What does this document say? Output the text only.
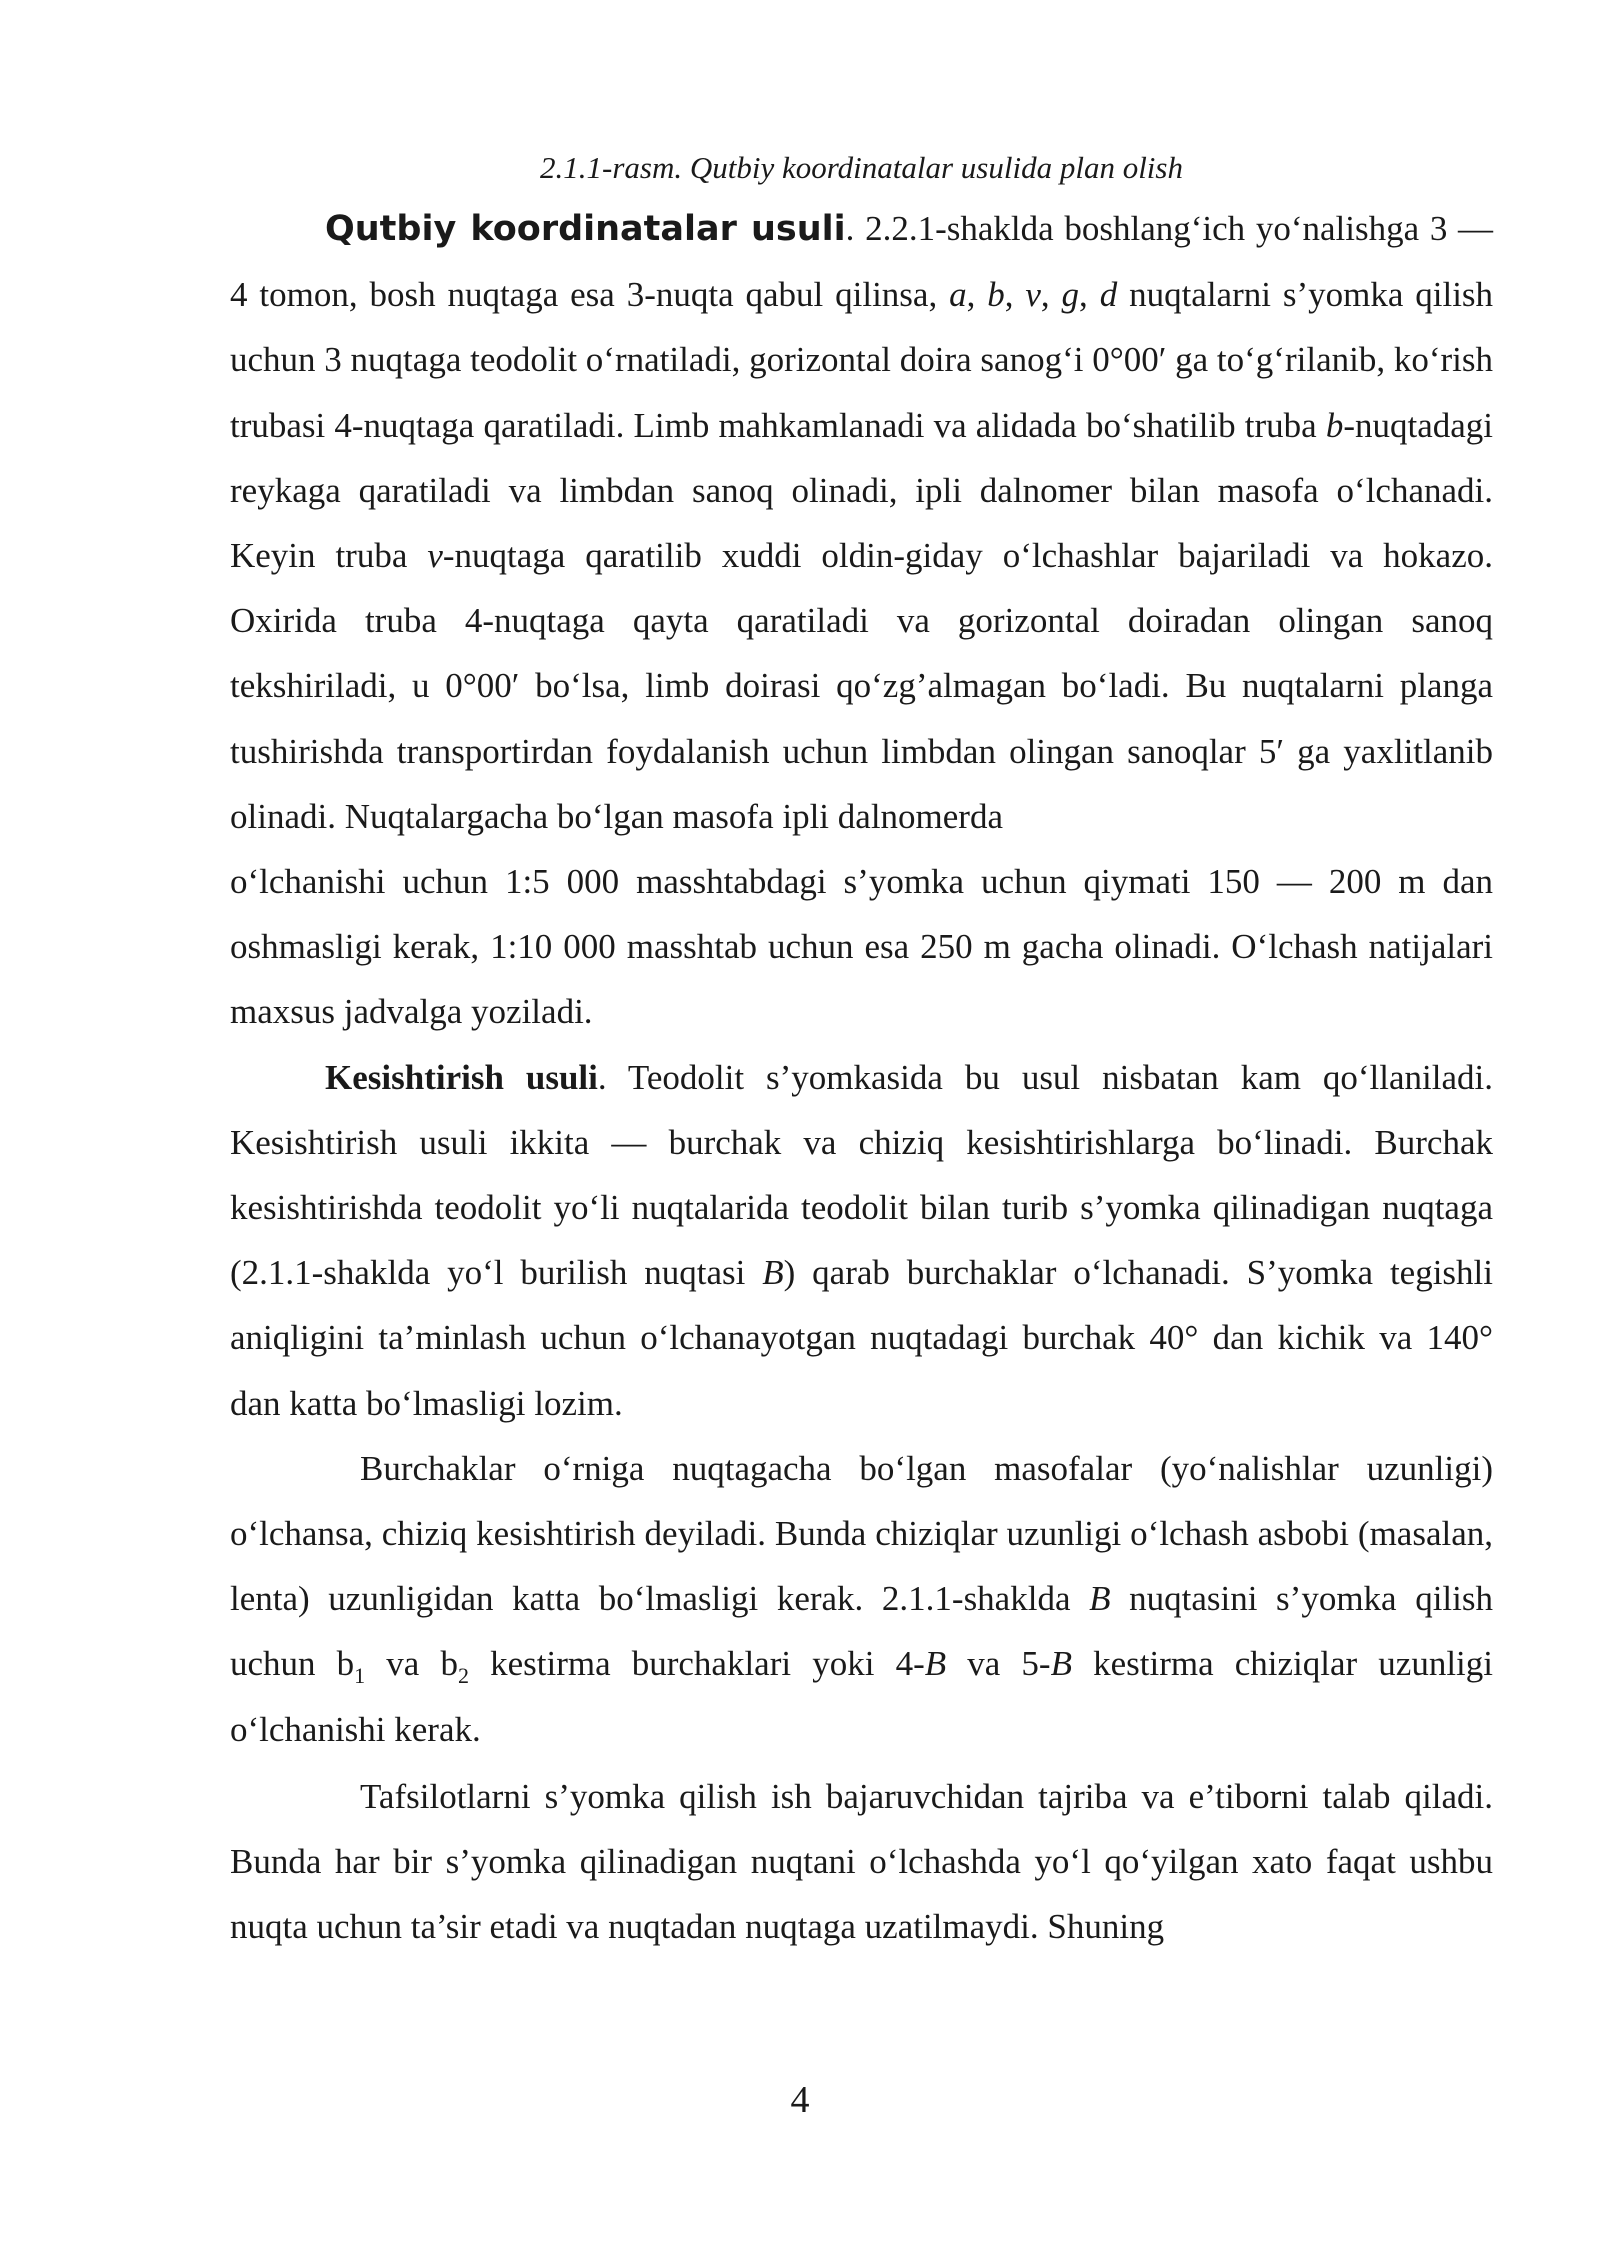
2.1.1-rasm. Qutbiy koordinatalar usulida plan olish

Qutbiy koordinatalar usuli. 2.2.1-shaklda boshlang‘ich yo‘nalishga 3 — 4 tomon, bosh nuqtaga esa 3-nuqta qabul qilinsa, a, b, v, g, d nuqtalarni s’yomka qilish uchun 3 nuqtaga teodolit o‘rnatiladi, gorizontal doira sanog‘i 0°00′ ga to‘g‘rilanib, ko‘rish trubasi 4-nuqtaga qaratiladi. Limb mahkamlanadi va alidada bo‘shatilib truba b-nuqtadagi reykaga qaratiladi va limbdan sanoq olinadi, ipli dalnomer bilan masofa o‘lchanadi. Keyin truba v-nuqtaga qaratilib xuddi oldin-giday o‘lchashlar bajariladi va hokazo. Oxirida truba 4-nuqtaga qayta qaratiladi va gorizontal doiradan olingan sanoq tekshiriladi, u 0°00′ bo‘lsa, limb doirasi qo‘zg’almagan bo‘ladi. Bu nuqtalarni planga tushirishda transportirdan foydalanish uchun limbdan olingan sanoqlar 5′ ga yaxlitlanib olinadi. Nuqtalargacha bo‘lgan masofa ipli dalnomerda

o‘lchanishi uchun 1:5 000 masshtabdagi s’yomka uchun qiymati 150 — 200 m dan oshmasligi kerak, 1:10 000 masshtab uchun esa 250 m gacha olinadi. O‘lchash natijalari maxsus jadvalga yoziladi.

Kesishtirish usuli. Teodolit s’yomkasida bu usul nisbatan kam qo‘llaniladi. Kesishtirish usuli ikkita — burchak va chiziq kesishtirishlarga bo‘linadi. Burchak kesishtirishda teodolit yo‘li nuqtalarida teodolit bilan turib s’yomka qilinadigan nuqtaga (2.1.1-shaklda yo‘l burilish nuqtasi B) qarab burchaklar o‘lchanadi. S’yomka tegishli aniqligini ta’minlash uchun o‘lchanayotgan nuqtadagi burchak 40° dan kichik va 140° dan katta bo‘lmasligi lozim.

Burchaklar o‘rniga nuqtagacha bo‘lgan masofalar (yo‘nalishlar uzunligi) o‘lchansa, chiziq kesishtirish deyiladi. Bunda chiziqlar uzunligi o‘lchash asbobi (masalan, lenta) uzunligidan katta bo‘lmasligi kerak. 2.1.1-shaklda B nuqtasini s’yomka qilish uchun $b_1$ va $b_2$ kestirma burchaklari yoki 4-B va 5-B kestirma chiziqlar uzunligi o‘lchanishi kerak.

Tafsilotlarni s’yomka qilish ish bajaruvchidan tajriba va e’tiborni talab qiladi. Bunda har bir s’yomka qilinadigan nuqtani o‘lchashda yo‘l qo‘yilgan xato faqat ushbu nuqta uchun ta’sir etadi va nuqtadan nuqtaga uzatilmaydi. Shuning

4
